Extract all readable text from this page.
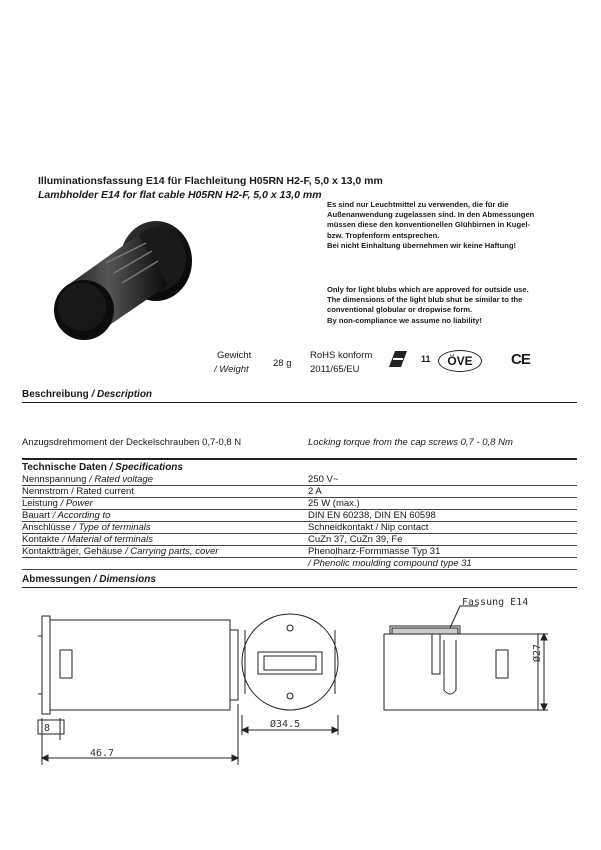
Illuminationsfassung E14 für Flachleitung H05RN H2-F, 5,0 x 13,0 mm
Lambholder E14 for flat cable H05RN H2-F, 5,0 x 13,0 mm
Es sind nur Leuchtmittel zu verwenden, die für die
Außenanwendung zugelassen sind. In den Abmessungen
müssen diese den konventionellen Glühbirnen in Kugel-
bzw. Tropfenform entsprechen.
Bei nicht Einhaltung übernehmen wir keine Haftung!
Only for light blubs which are approved for outside use.
The dimensions of the light blub shut be similar to the
conventional globular or dropwise form.
By non-compliance we assume no liability!
Gewicht
/ Weight
28 g
RoHS konform
2011/65/EU
11	ÖVE	CE
Beschreibung / Description
Anzugsdrehmoment der Deckelschrauben 0,7-0,8 N	Locking torque from the cap screws 0,7 - 0,8 Nm
Technische Daten / Specifications
Nennspannung / Rated voltage	250 V~
Nennstrom / Rated current	2 A
Leistung / Power	25 W (max.)
Bauart / According to	DIN EN 60238, DIN EN 60598
Anschlüsse / Type of terminals	Schneidkontakt / Nip contact
Kontakte / Material of terminals	CuZn 37, CuZn 39, Fe
Kontaktträger, Gehäuse / Carrying parts, cover	Phenolharz-Formmasse Typ 31
	/ Phenolic moulding compound type 31
Abmessungen / Dimensions
Fassung E14
8
46.7
Ø34.5
Ø27
